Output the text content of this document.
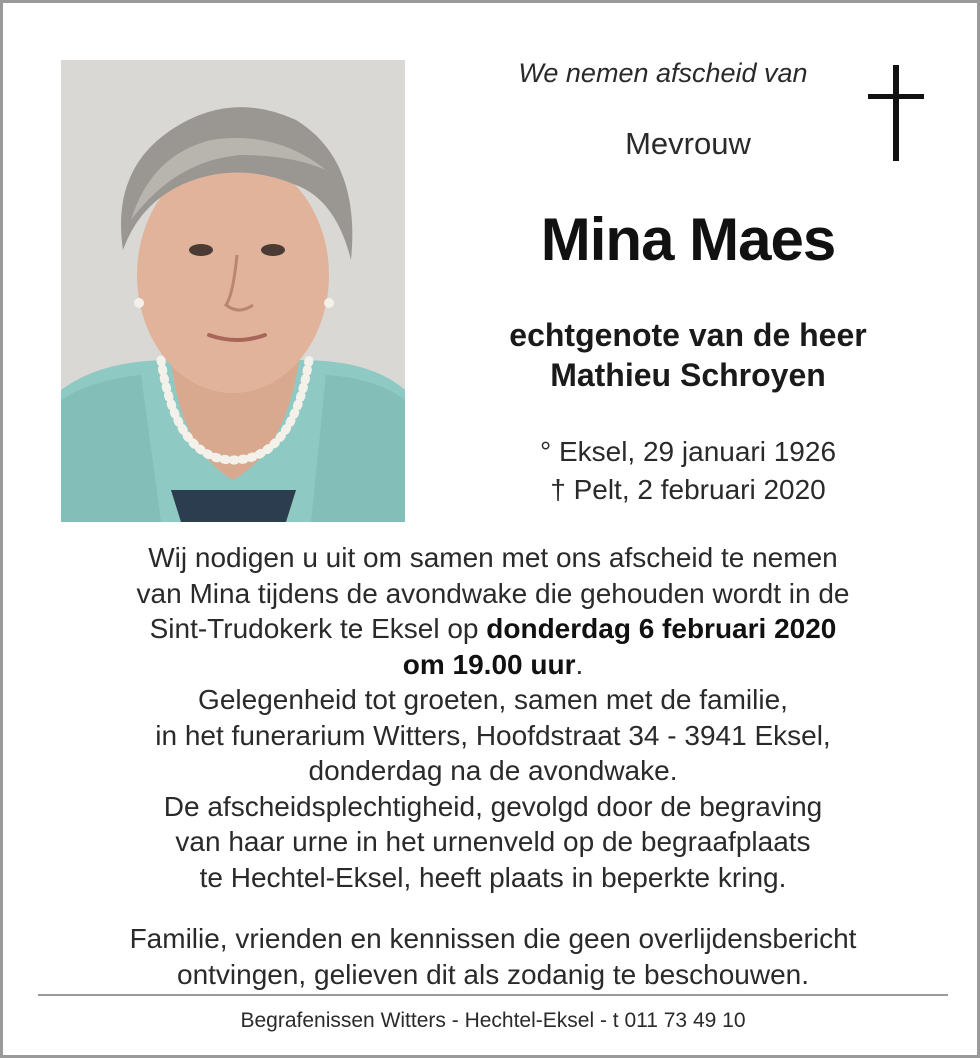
We nemen afscheid van
Mevrouw
Mina Maes
echtgenote van de heer
Mathieu Schroyen
° Eksel, 29 januari 1926
† Pelt, 2 februari 2020
Wij nodigen u uit om samen met ons afscheid te nemen
van Mina tijdens de avondwake die gehouden wordt in de
Sint-Trudokerk te Eksel op donderdag 6 februari 2020
om 19.00 uur.
Gelegenheid tot groeten, samen met de familie,
in het funerarium Witters, Hoofdstraat 34 - 3941 Eksel,
donderdag na de avondwake.
De afscheidsplechtigheid, gevolgd door de begraving
van haar urne in het urnenveld op de begraafplaats
te Hechtel-Eksel, heeft plaats in beperkte kring.
Familie, vrienden en kennissen die geen overlijdensbericht
ontvingen, gelieven dit als zodanig te beschouwen.
Begrafenissen Witters - Hechtel-Eksel - t 011 73 49 10
